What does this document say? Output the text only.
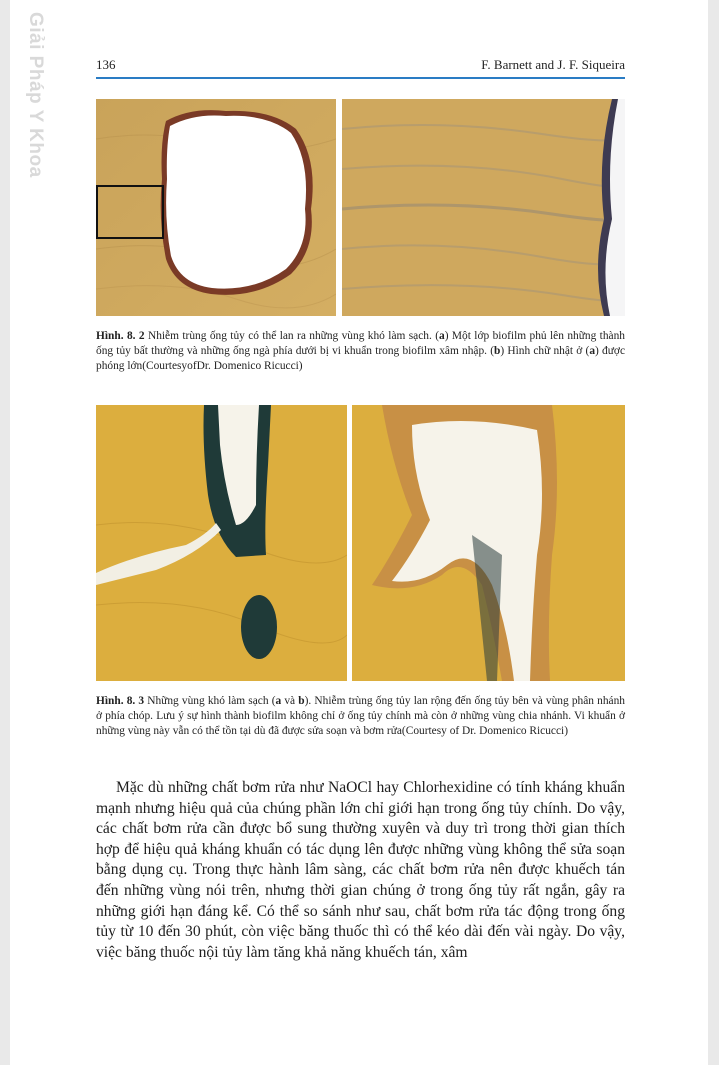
Giải Pháp Y Khoa	136	F. Barnett and J. F. Siqueira
Hình. 8. 2 Nhiễm trùng ống tủy có thể lan ra những vùng khó làm sạch. (a) Một lớp biofilm phủ lên những thành ống tủy bất thường và những ống ngà phía dưới bị vi khuẩn trong biofilm xâm nhập. (b) Hình chữ nhật ở (a) được phóng lớn(CourtesyofDr. Domenico Ricucci)
Hình. 8. 3 Những vùng khó làm sạch (a và b). Nhiễm trùng ống tủy lan rộng đến ống tủy bên và vùng phân nhánh ở phía chóp. Lưu ý sự hình thành biofilm không chỉ ở ống tủy chính mà còn ở những vùng chia nhánh. Vi khuẩn ở những vùng này vẫn có thể tồn tại dù đã được sửa soạn và bơm rửa(Courtesy of Dr. Domenico Ricucci)

Mặc dù những chất bơm rửa như NaOCl hay Chlorhexidine có tính kháng khuẩn mạnh nhưng hiệu quả của chúng phần lớn chỉ giới hạn trong ống tủy chính. Do vậy, các chất bơm rửa cần được bổ sung thường xuyên và duy trì trong thời gian thích hợp để hiệu quả kháng khuẩn có tác dụng lên được những vùng không thể sửa soạn bằng dụng cụ. Trong thực hành lâm sàng, các chất bơm rửa nên được khuếch tán đến những vùng nói trên, nhưng thời gian chúng ở trong ống tủy rất ngắn, gây ra những giới hạn đáng kể. Có thể so sánh như sau, chất bơm rửa tác động trong ống tủy từ 10 đến 30 phút, còn việc băng thuốc thì có thể kéo dài đến vài ngày. Do vậy, việc băng thuốc nội tủy làm tăng khả năng khuếch tán, xâm
